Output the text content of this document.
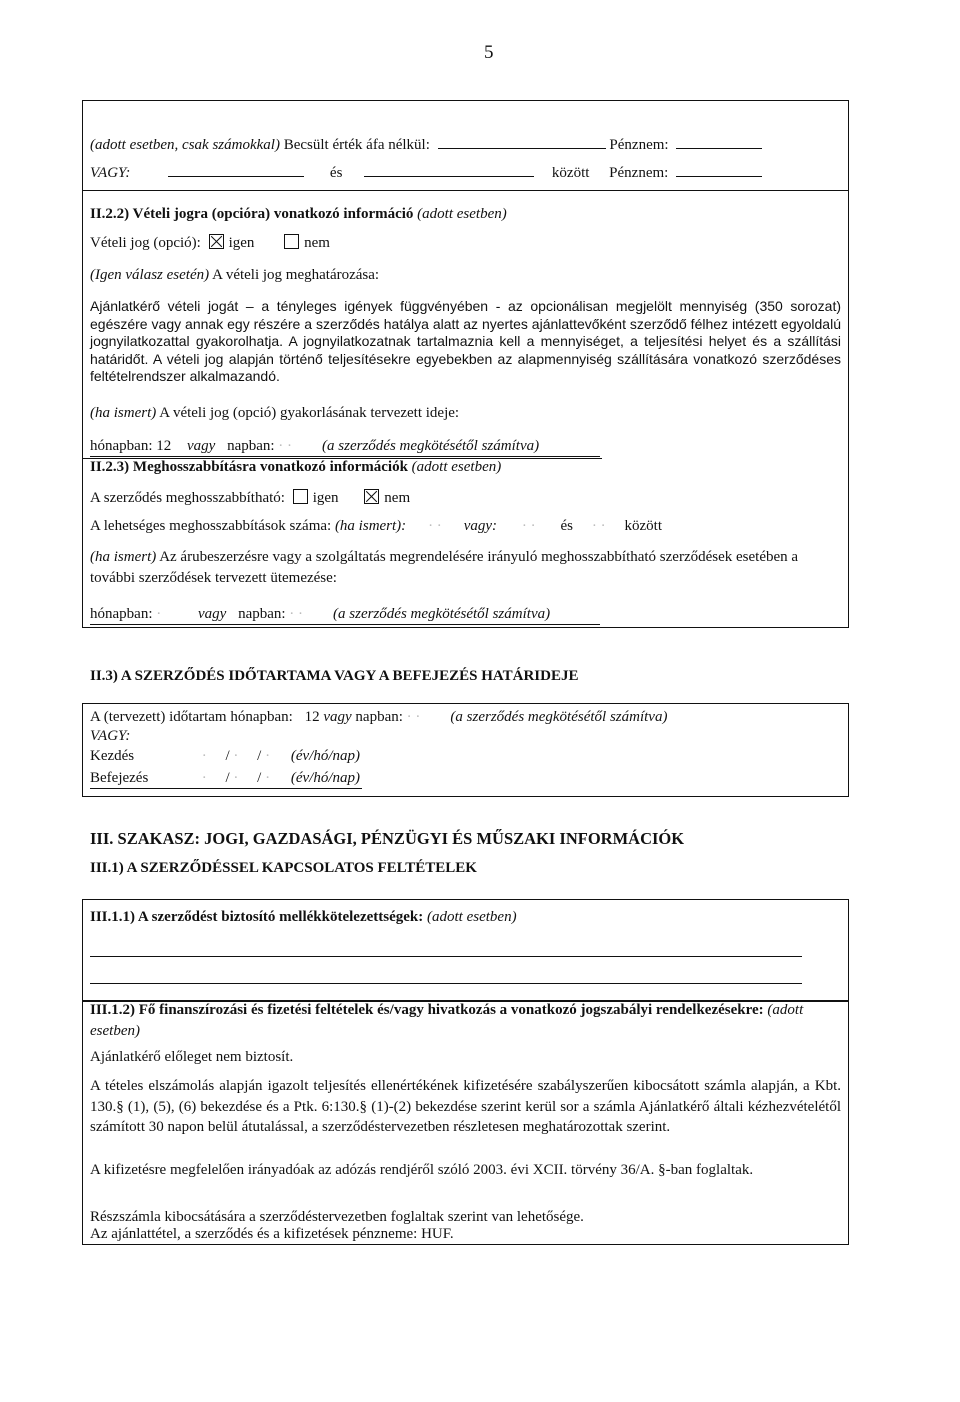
5
(adott esetben, csak számokkal) Becsült érték áfa nélkül:	Pénznem:
VAGY:	és	között Pénznem:
II.2.2) Vételi jogra (opcióra) vonatkozó információ (adott esetben)
Vételi jog (opció): igen	nem
(Igen válasz esetén) A vételi jog meghatározása:
Ajánlatkérő vételi jogát – a tényleges igények függvényében - az opcionálisan megjelölt mennyiség (350 sorozat) egészére vagy annak egy részére a szerződés hatálya alatt az nyertes ajánlattevőként szerződő félhez intézett egyoldalú jognyilatkozattal gyakorolhatja. A jognyilatkozatnak tartalmaznia kell a mennyiséget, a teljesítési helyet és a szállítási határidőt. A vételi jog alapján történő teljesítésekre egyebekben az alapmennyiség szállítására vonatkozó szerződéses feltételrendszer alkalmazandó.
(ha ismert) A vételi jog (opció) gyakorlásának tervezett ideje:
hónapban: 12 vagy napban: · · (a szerződés megkötésétől számítva)
II.2.3) Meghosszabbításra vonatkozó információk (adott esetben)
A szerződés meghosszabbítható: igen	nem
A lehetséges meghosszabbítások száma: (ha ismert): · · vagy: · · és · · között
(ha ismert) Az árubeszerzésre vagy a szolgáltatás megrendelésére irányuló meghosszabbítható szerződések esetében a további szerződések tervezett ütemezése:
hónapban: · vagy napban: · · (a szerződés megkötésétől számítva)
II.3) A SZERZŐDÉS IDŐTARTAMA VAGY A BEFEJEZÉS HATÁRIDEJE
A (tervezett) időtartam hónapban: 12 vagy napban: · · (a szerződés megkötésétől számítva)
VAGY:
Kezdés	· / · / · (év/hó/nap)
Befejezés	· / · / · (év/hó/nap)
III. SZAKASZ: JOGI, GAZDASÁGI, PÉNZÜGYI ÉS MŰSZAKI INFORMÁCIÓK
III.1) A SZERZŐDÉSSEL KAPCSOLATOS FELTÉTELEK
III.1.1) A szerződést biztosító mellékkötelezettségek: (adott esetben)
III.1.2) Fő finanszírozási és fizetési feltételek és/vagy hivatkozás a vonatkozó jogszabályi rendelkezésekre: (adott esetben)
Ajánlatkérő előleget nem biztosít.
A tételes elszámolás alapján igazolt teljesítés ellenértékének kifizetésére szabályszerűen kibocsátott számla alapján, a Kbt. 130.§ (1), (5), (6) bekezdése és a Ptk. 6:130.§ (1)-(2) bekezdése szerint kerül sor a számla Ajánlatkérő általi kézhezvételétől számított 30 napon belül átutalással, a szerződéstervezetben részletesen meghatározottak szerint.
A kifizetésre megfelelően irányadóak az adózás rendjéről szóló 2003. évi XCII. törvény 36/A. §-ban foglaltak.
Részszámla kibocsátására a szerződéstervezetben foglaltak szerint van lehetősége.
Az ajánlattétel, a szerződés és a kifizetések pénzneme: HUF.
